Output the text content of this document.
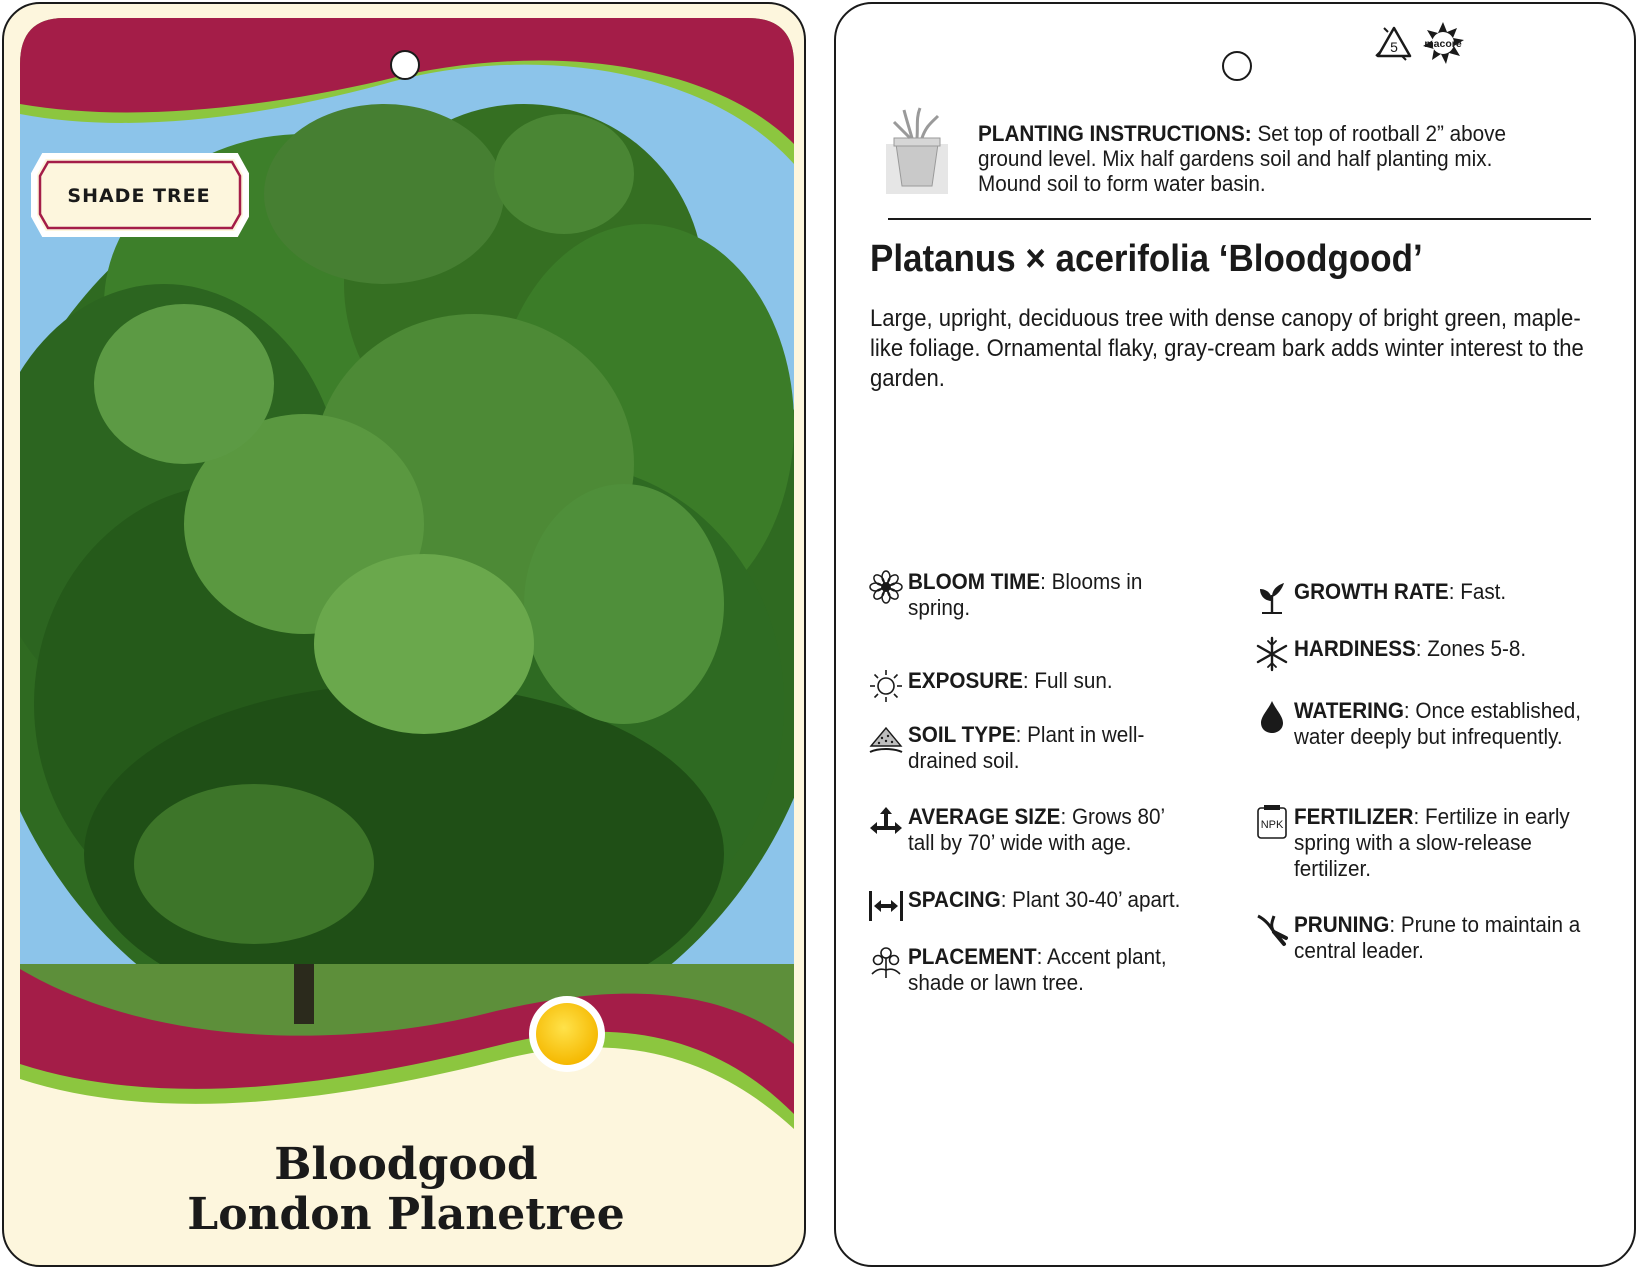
SHADE TREE
Bloodgood
London Planetree
5	macore
PLANTING INSTRUCTIONS: Set top of rootball 2” above ground level. Mix half gardens soil and half planting mix. Mound soil to form water basin.
Platanus × acerifolia ‘Bloodgood’
Large, upright, deciduous tree with dense canopy of bright green, maple-like foliage. Ornamental flaky, gray-cream bark adds winter interest to the garden.
BLOOM TIME: Blooms in spring.
EXPOSURE: Full sun.
SOIL TYPE: Plant in well-drained soil.
AVERAGE SIZE: Grows 80’ tall by 70’ wide with age.
SPACING: Plant 30-40’ apart.
PLACEMENT: Accent plant, shade or lawn tree.
GROWTH RATE: Fast.
HARDINESS: Zones 5-8.
WATERING: Once established, water deeply but infrequently.
NPK FERTILIZER: Fertilize in early spring with a slow-release fertilizer.
PRUNING: Prune to maintain a central leader.
